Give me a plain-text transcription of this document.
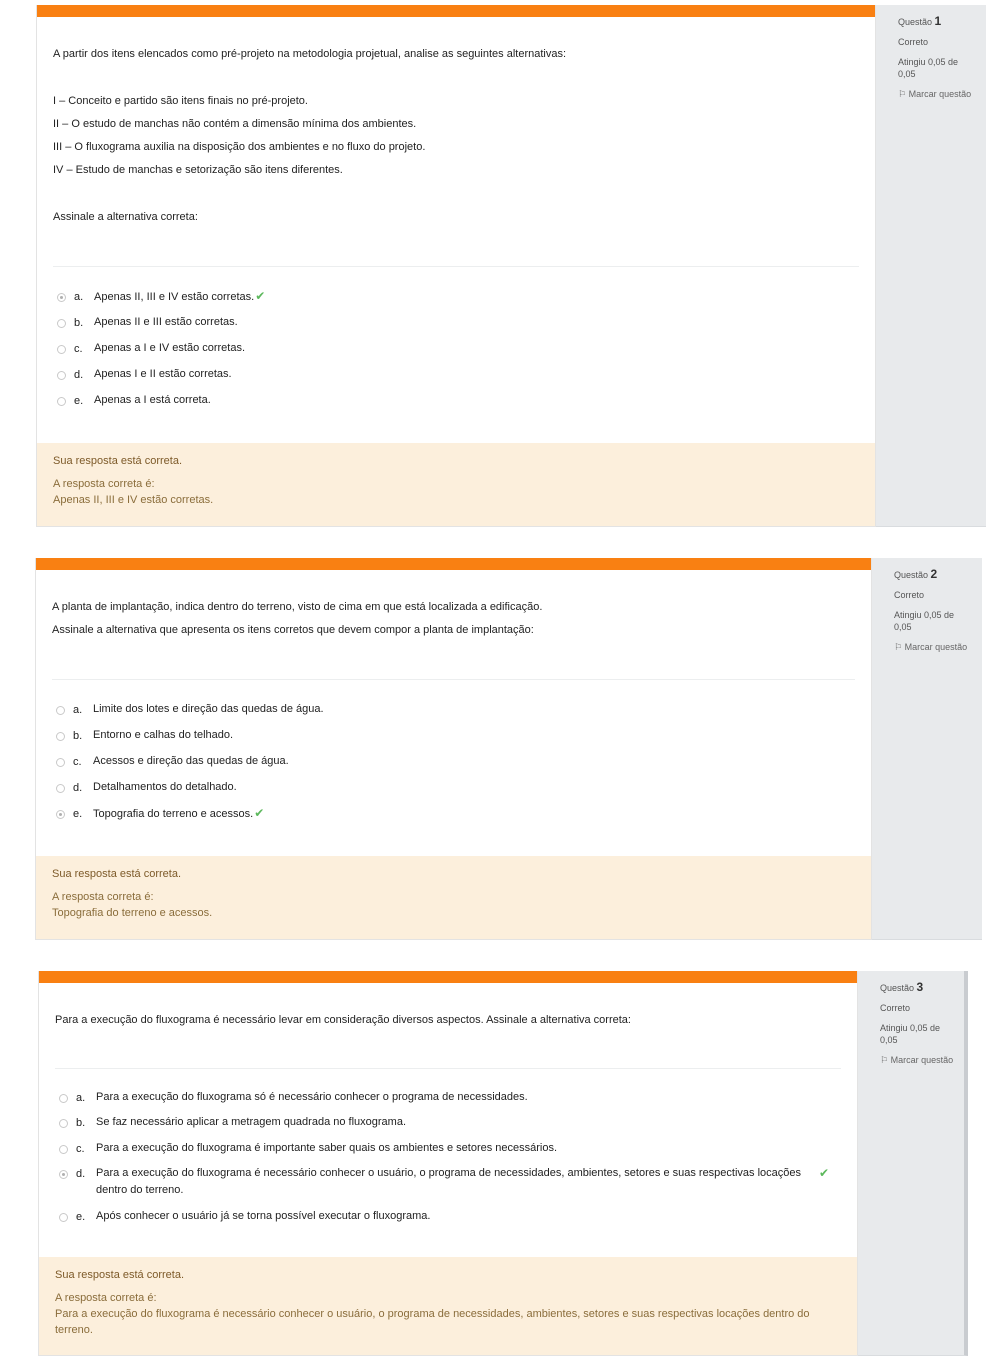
A partir dos itens elencados como pré-projeto na metodologia projetual, analise as seguintes alternativas:

I – Conceito e partido são itens finais no pré-projeto.

II – O estudo de manchas não contém a dimensão mínima dos ambientes.

III – O fluxograma auxilia na disposição dos ambientes e no fluxo do projeto.

IV – Estudo de manchas e setorização são itens diferentes.

Assinale a alternativa correta:

a. Apenas II, III e IV estão corretas.✔
b. Apenas II e III estão corretas.
c.	Apenas a I e IV estão corretas.
d. Apenas I e II estão corretas.
e. Apenas a I está correta.
Sua resposta está correta.
A resposta correta é:
Apenas II, III e IV estão corretas.
Questão 1
Correto
Atingiu 0,05 de 0,05
⚐ Marcar questão

A planta de implantação, indica dentro do terreno, visto de cima em que está localizada a edificação.

Assinale a alternativa que apresenta os itens corretos que devem compor a planta de implantação:

a. Limite dos lotes e direção das quedas de água.
b. Entorno e calhas do telhado.
c.	Acessos e direção das quedas de água.
d. Detalhamentos do detalhado.
e. Topografia do terreno e acessos.✔
Sua resposta está correta.
A resposta correta é:
Topografia do terreno e acessos.
Questão 2
Correto
Atingiu 0,05 de 0,05
⚐ Marcar questão

Para a execução do fluxograma é necessário levar em consideração diversos aspectos. Assinale a alternativa correta:

a. Para a execução do fluxograma só é necessário conhecer o programa de necessidades.
b. Se faz necessário aplicar a metragem quadrada no fluxograma.
c.	Para a execução do fluxograma é importante saber quais os ambientes e setores necessários.
d. Para a execução do fluxograma é necessário conhecer o usuário, o programa de necessidades, ambientes, setores e suas respectivas locações dentro do terreno.
✔
e. Após conhecer o usuário já se torna possível executar o fluxograma.
Sua resposta está correta.
A resposta correta é:
Para a execução do fluxograma é necessário conhecer o usuário, o programa de necessidades, ambientes, setores e suas respectivas locações dentro do terreno.
Questão 3
Correto
Atingiu 0,05 de 0,05
⚐ Marcar questão
